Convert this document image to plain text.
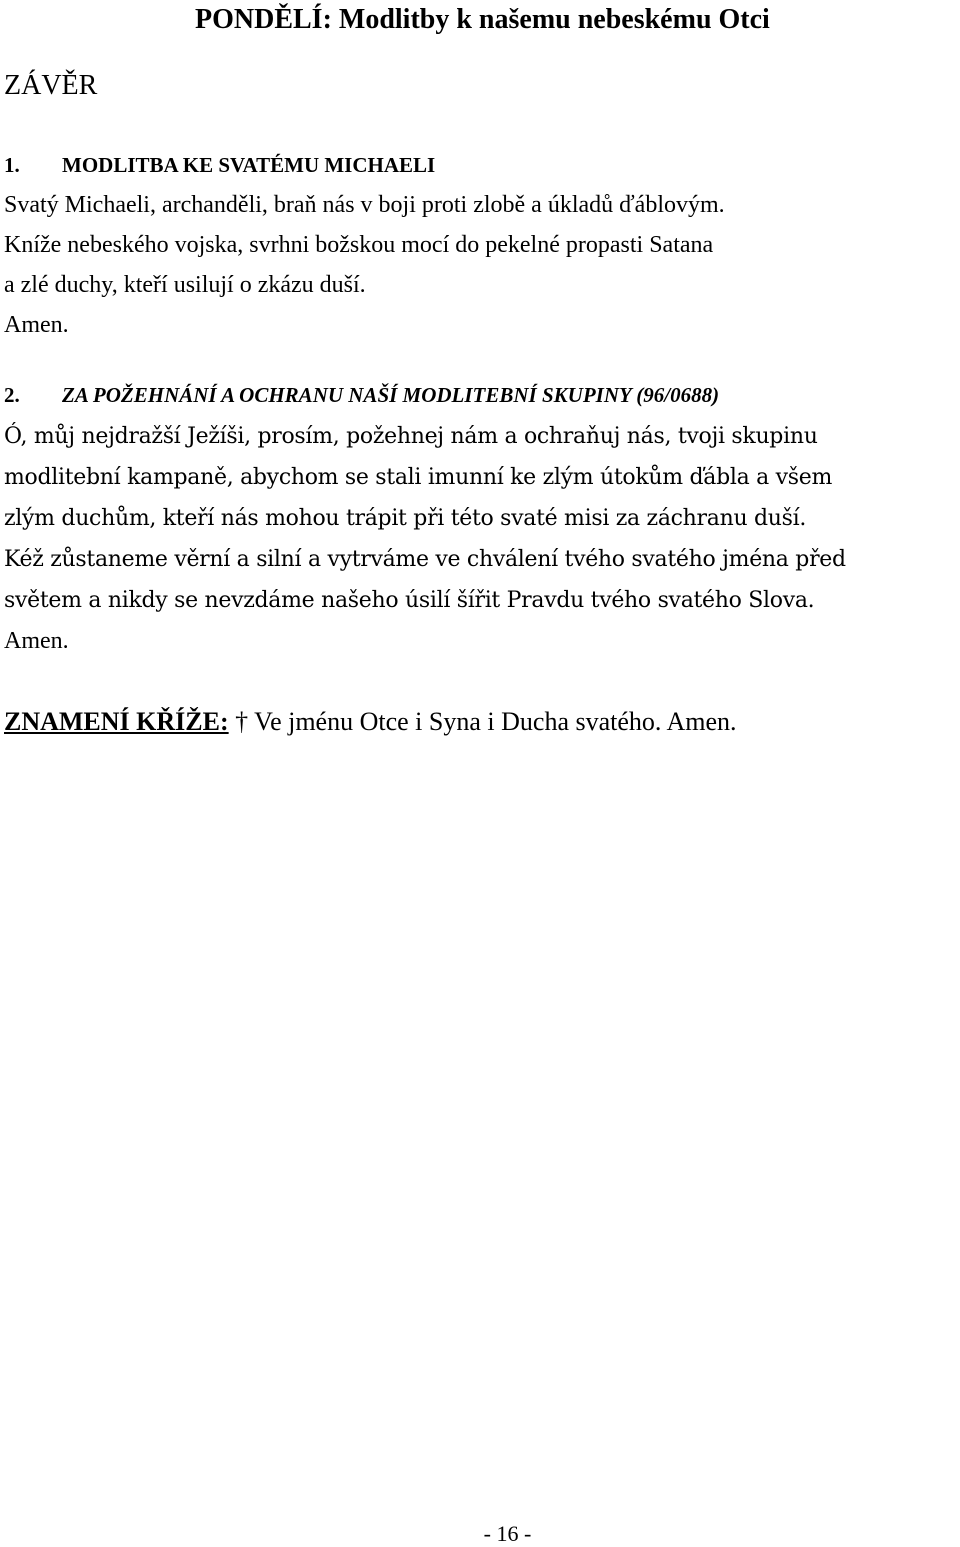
PONDĚLÍ: Modlitby k našemu nebeskému Otci
ZÁVĚR
1. MODLITBA KE SVATÉMU MICHAELI
Svatý Michaeli, archanděli, braň nás v boji proti zlobě a úkladů ďáblovým.
Kníže nebeského vojska, svrhni božskou mocí do pekelné propasti Satana
a zlé duchy, kteří usilují o zkázu duší.
Amen.
2. ZA POŽEHNÁNÍ A OCHRANU NAŠÍ MODLITEBNÍ SKUPINY (96/0688)
Ó, můj nejdražší Ježíši, prosím, požehnej nám a ochraňuj nás, tvoji skupinu
modlitební kampaně, abychom se stali imunní ke zlým útokům ďábla a všem
zlým duchům, kteří nás mohou trápit při této svaté misi za záchranu duší.
Kéž zůstaneme věrní a silní a vytrváme ve chválení tvého svatého jména před
světem a nikdy se nevzdáme našeho úsilí šířit Pravdu tvého svatého Slova.
Amen.
ZNAMENÍ KŘÍŽE: † Ve jménu Otce i Syna i Ducha svatého. Amen.
- 16 -
